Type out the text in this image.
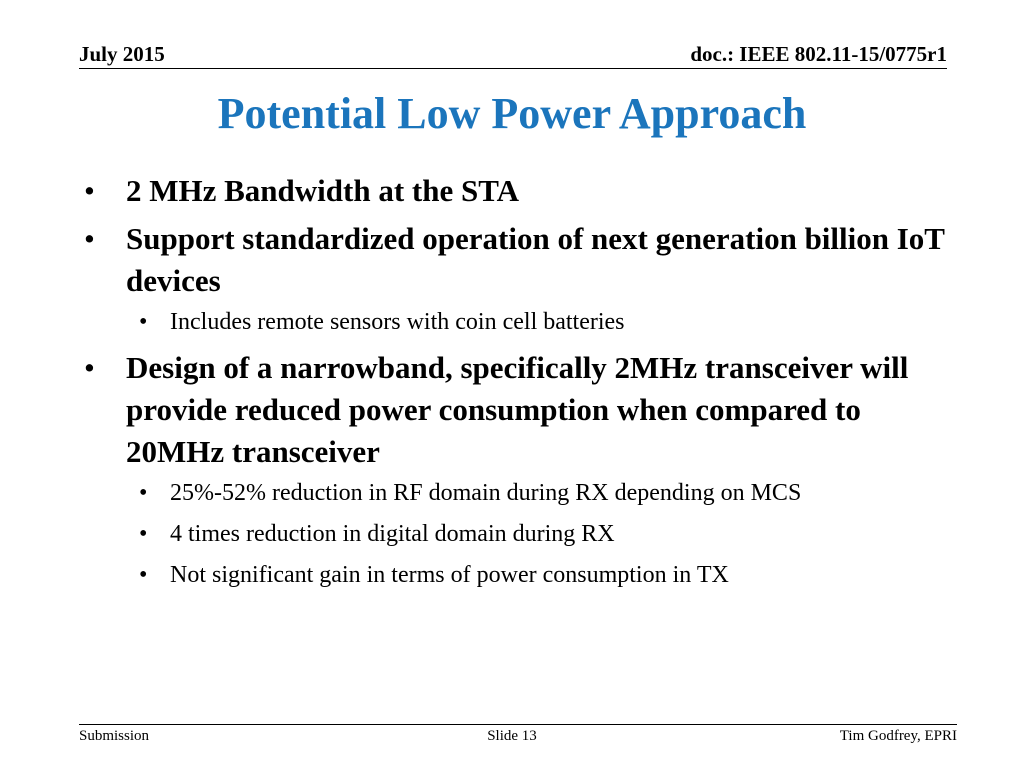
July 2015	doc.: IEEE 802.11-15/0775r1
Potential Low Power Approach
• 2 MHz Bandwidth at the STA
• Support standardized operation of next generation billion IoT devices
• Includes remote sensors with coin cell batteries
• Design of a narrowband, specifically 2MHz transceiver will provide reduced power consumption when compared to 20MHz transceiver
• 25%-52% reduction in RF domain during RX depending on MCS
• 4 times reduction in digital domain during RX
• Not significant gain in terms of power consumption in TX
Submission	Slide 13	Tim Godfrey, EPRI
